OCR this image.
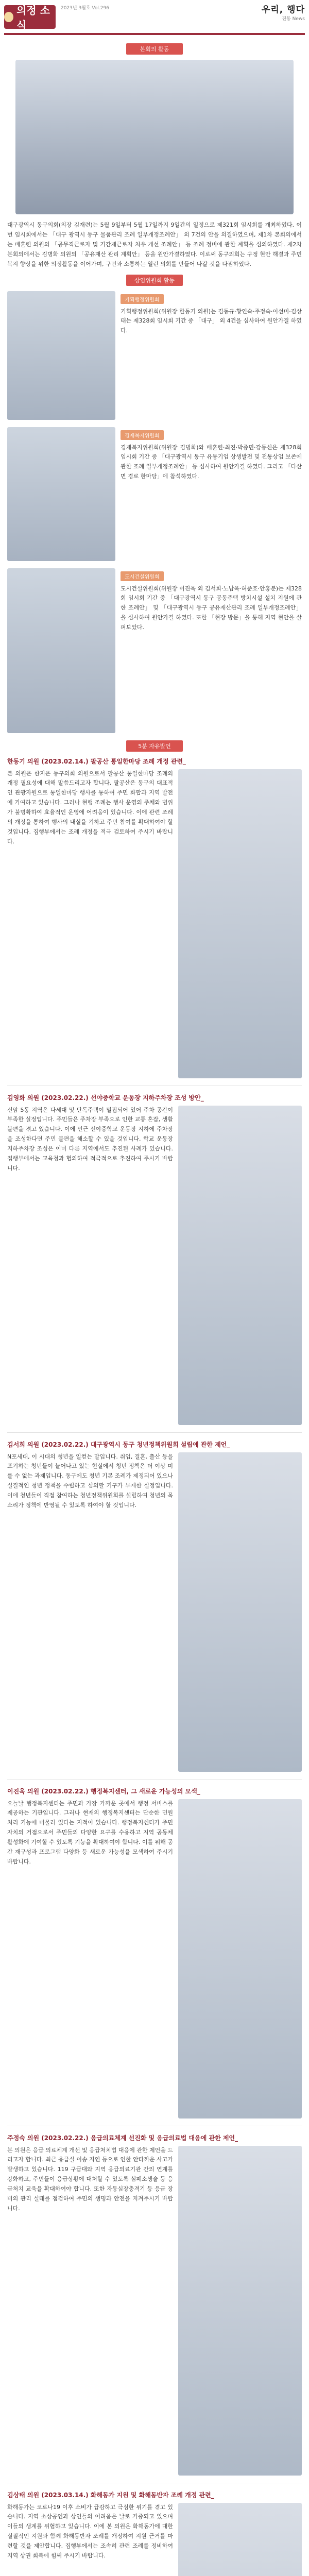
의정 소식
2023년 3월호 Vol.296	우리, 행다
진동 News
본회의 활동

대구광역시 동구의회(의장 김재련)는 5월 9일부터 5월 17일까지 9일간의 일정으로 제321회 임시회를 개최하였다. 이번 임시회에서는 「대구 광역시 동구 물품관리 조례 일부개정조례안」 외 7건의 안을 의결하였으며, 제1차 본회의에서는 배훈련 의원의 「공무직근로자 및 기간제근로자 처우 개선 조례안」 등 조례 정비에 관한 계획을 심의하였다. 제2차 본회의에서는 김병화 의원의 「공유재산 관리 계획안」 등을 원안가결하였다. 이로써 동구의회는 구정 현안 해결과 주민 복지 향상을 위한 의정활동을 이어가며, 구민과 소통하는 열린 의회를 만들어 나갈 것을 다짐하였다.

상임위원회 활동
기획행정위원회

기획행정위원회(위원장 한동기 의원)는 김동규·황인숙·주정숙·이선미·김상태는 제328회 임시회 기간 중 「대구」 외 4건을 심사하여 원안가결 하였다.

경제복지위원회

경제복지위원회(위원장 김병화)와 배훈련·최진·박종민·강동신은 제328회 임시회 기간 중 「대구광역시 동구 유통기업 상생발전 및 전통상업 보존에 관한 조례 일부개정조례안」 등 심사하여 원안가결 하였다. 그리고 「다산면 경로 한마당」에 참석하였다.

도시건설위원회

도시건설위원회(위원장 이진욱 외 김서희·노남옥·허준호·안홍분)는 제328회 임시회 기간 중 「대구광역시 동구 공동주택 방치시설 설치 지원에 관한 조례안」 및 「대구광역시 동구 공유재산관리 조례 일부개정조례안」을 심사하여 원안가결 하였다. 또한 「현장 방문」을 통해 지역 현안을 살펴보았다.

5분 자유발언
한동기 의원 (2023.02.14.) 팔공산 통일한마당 조례 개정 관련_

본 의원은 한지은 동구의회 의원으로서 팔공산 통일한마당 조례의 개정 필요성에 대해 말씀드리고자 합니다. 팔공산은 동구의 대표적인 관광자원으로 통일한마당 행사를 통하여 주민 화합과 지역 발전에 기여하고 있습니다. 그러나 현행 조례는 행사 운영의 주체와 범위가 불명확하여 효율적인 운영에 어려움이 있습니다. 이에 관련 조례의 개정을 통하여 행사의 내실을 기하고 주민 참여를 확대하여야 할 것입니다. 집행부에서는 조례 개정을 적극 검토하여 주시기 바랍니다.

김영화 의원 (2023.02.22.) 선야중학교 운동장 지하주차장 조성 방안_

신암 5동 지역은 다세대 및 단독주택이 밀집되어 있어 주차 공간이 부족한 실정입니다. 주민들은 주차장 부족으로 인한 교통 혼잡, 생활 불편을 겪고 있습니다. 이에 인근 선야중학교 운동장 지하에 주차장을 조성한다면 주민 불편을 해소할 수 있을 것입니다. 학교 운동장 지하주차장 조성은 이미 다른 지역에서도 추진된 사례가 있습니다. 집행부에서는 교육청과 협의하여 적극적으로 추진하여 주시기 바랍니다.

김서희 의원 (2023.02.22.) 대구광역시 동구 청년정책위원회 설립에 관한 제언_

N포세대, 이 시대의 청년을 일컫는 말입니다. 취업, 결혼, 출산 등을 포기하는 청년들이 늘어나고 있는 현실에서 청년 정책은 더 이상 미룰 수 없는 과제입니다. 동구에도 청년 기본 조례가 제정되어 있으나 실질적인 청년 정책을 수립하고 심의할 기구가 부재한 실정입니다. 이에 청년들이 직접 참여하는 청년정책위원회를 설립하여 청년의 목소리가 정책에 반영될 수 있도록 하여야 할 것입니다.

이진욱 의원 (2023.02.22.) 행정복지센터, 그 새로운 가능성의 모색_

오늘날 행정복지센터는 주민과 가장 가까운 곳에서 행정 서비스를 제공하는 기관입니다. 그러나 현재의 행정복지센터는 단순한 민원 처리 기능에 머물러 있다는 지적이 있습니다. 행정복지센터가 주민 자치의 거점으로서 주민들의 다양한 요구를 수용하고 지역 공동체 활성화에 기여할 수 있도록 기능을 확대하여야 합니다. 이를 위해 공간 재구성과 프로그램 다양화 등 새로운 가능성을 모색하여 주시기 바랍니다.

주정숙 의원 (2023.02.22.) 응급의료체계 선진화 및 응급의료법 대응에 관한 제언_

본 의원은 응급 의료체계 개선 및 응급처치법 대응에 관한 제언을 드리고자 합니다. 최근 응급실 이송 지연 등으로 인한 안타까운 사고가 발생하고 있습니다. 119 구급대와 지역 응급의료기관 간의 연계를 강화하고, 주민들이 응급상황에 대처할 수 있도록 심폐소생술 등 응급처치 교육을 확대하여야 합니다. 또한 자동심장충격기 등 응급 장비의 관리 실태를 점검하여 주민의 생명과 안전을 지켜주시기 바랍니다.

김상태 의원 (2023.03.14.) 화해동가 지원 및 화해동반자 조례 개정 관련_

화해동가는 코로나19 이후 소비가 급감하고 극심한 위기를 겪고 있습니다. 지역 소상공인과 상인들의 어려움은 날로 가중되고 있으며 이들의 생계를 위협하고 있습니다. 이에 본 의원은 화해동가에 대한 실질적인 지원과 함께 화해동반자 조례를 개정하여 지원 근거를 마련할 것을 제안합니다. 집행부에서는 조속히 관련 조례를 정비하여 지역 상권 회복에 힘써 주시기 바랍니다.
